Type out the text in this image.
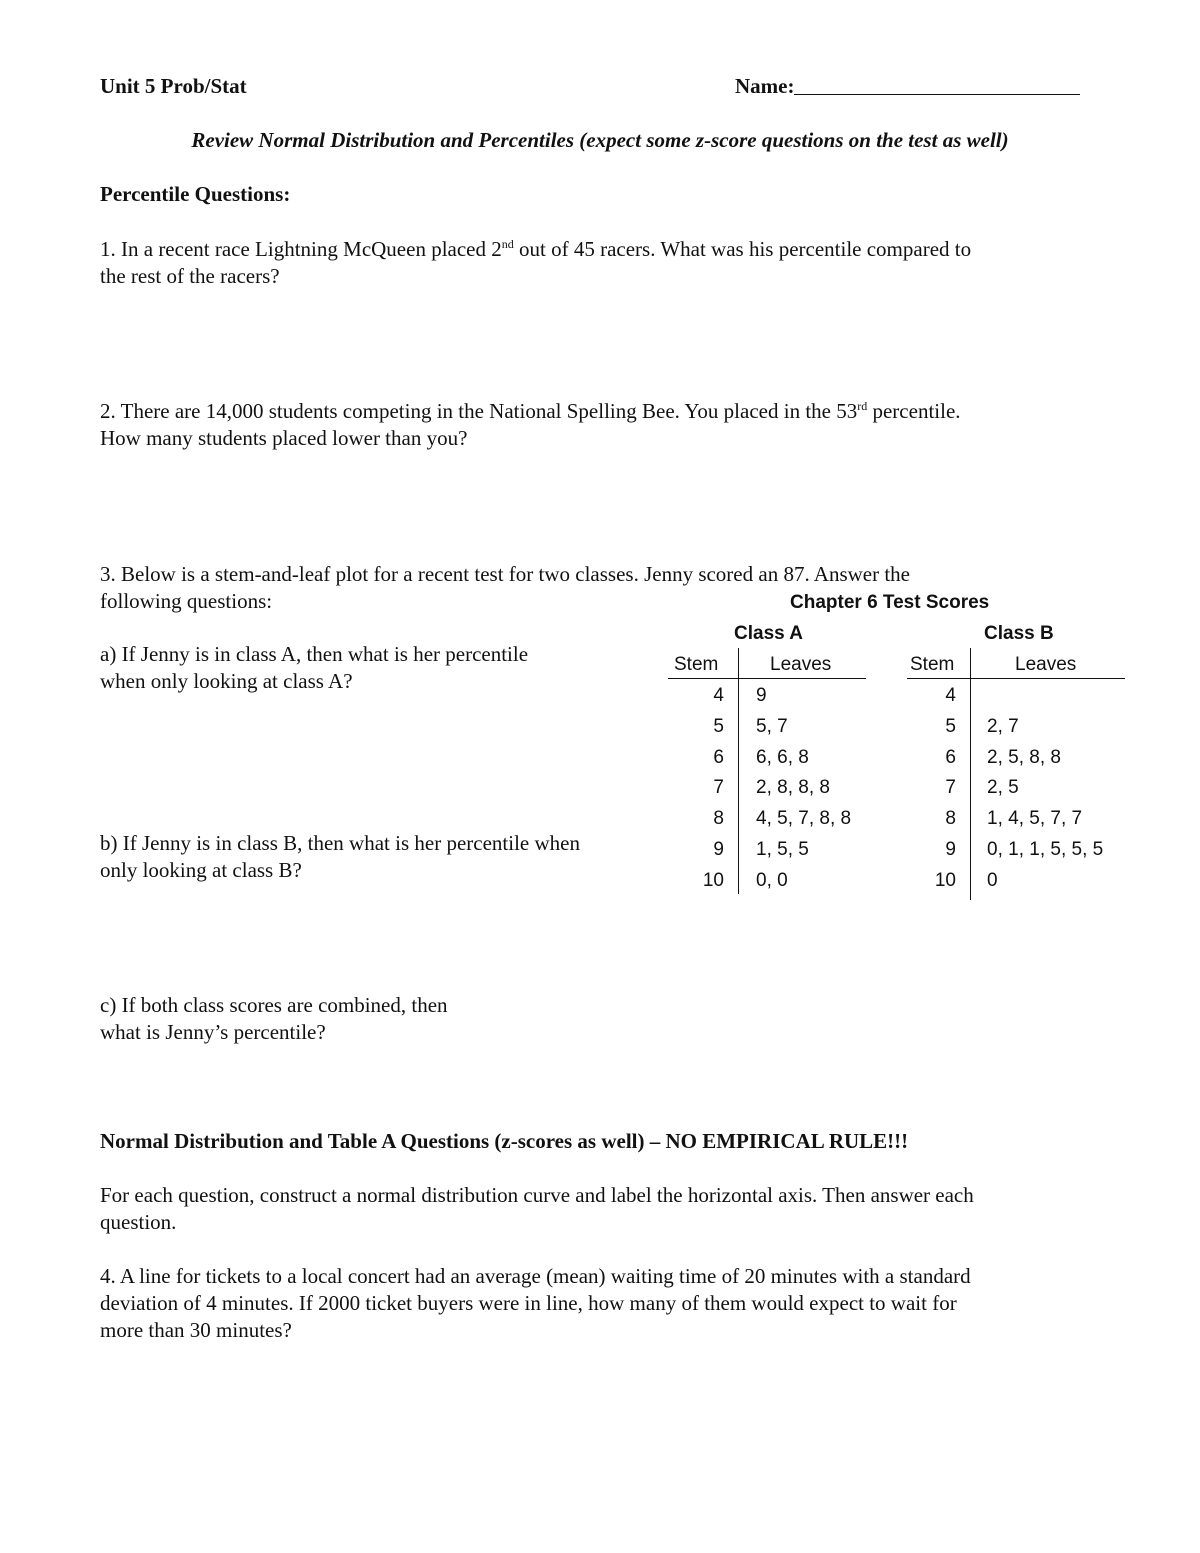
Unit 5 Prob/Stat	Name:
Review Normal Distribution and Percentiles (expect some z-score questions on the test as well)
Percentile Questions:
1. In a recent race Lightning McQueen placed 2nd out of 45 racers. What was his percentile compared to
the rest of the racers?
2. There are 14,000 students competing in the National Spelling Bee. You placed in the 53rd percentile.
How many students placed lower than you?
3. Below is a stem-and-leaf plot for a recent test for two classes. Jenny scored an 87. Answer the
following questions:
a) If Jenny is in class A, then what is her percentile
when only looking at class A?
b) If Jenny is in class B, then what is her percentile when
only looking at class B?
c) If both class scores are combined, then
what is Jenny’s percentile?
Chapter 6 Test Scores
Class A	Class B
Stem	Leaves	Stem	Leaves
4 9
5 5, 7
6 6, 6, 8
7 2, 8, 8, 8
8 4, 5, 7, 8, 8
9 1, 5, 5
10 0, 0
4
5 2, 7
6 2, 5, 8, 8
7 2, 5
8 1, 4, 5, 7, 7
9 0, 1, 1, 5, 5, 5
10 0
Normal Distribution and Table A Questions (z-scores as well) – NO EMPIRICAL RULE!!!
For each question, construct a normal distribution curve and label the horizontal axis. Then answer each
question.
4. A line for tickets to a local concert had an average (mean) waiting time of 20 minutes with a standard
deviation of 4 minutes. If 2000 ticket buyers were in line, how many of them would expect to wait for
more than 30 minutes?
